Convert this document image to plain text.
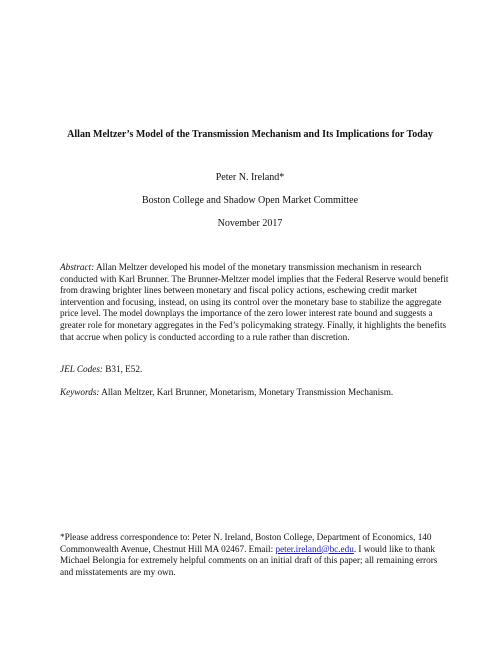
Allan Meltzer’s Model of the Transmission Mechanism and Its Implications for Today
Peter N. Ireland*
Boston College and Shadow Open Market Committee
November 2017

Abstract: Allan Meltzer developed his model of the monetary transmission mechanism in research conducted with Karl Brunner. The Brunner-Meltzer model implies that the Federal Reserve would benefit from drawing brighter lines between monetary and fiscal policy actions, eschewing credit market intervention and focusing, instead, on using its control over the monetary base to stabilize the aggregate price level. The model downplays the importance of the zero lower interest rate bound and suggests a greater role for monetary aggregates in the Fed’s policymaking strategy. Finally, it highlights the benefits that accrue when policy is conducted according to a rule rather than discretion.

JEL Codes: B31, E52.
Keywords: Allan Meltzer, Karl Brunner, Monetarism, Monetary Transmission Mechanism.
*Please address correspondence to: Peter N. Ireland, Boston College, Department of Economics, 140 Commonwealth Avenue, Chestnut Hill MA 02467. Email: peter.ireland@bc.edu. I would like to thank Michael Belongia for extremely helpful comments on an initial draft of this paper; all remaining errors and misstatements are my own.
